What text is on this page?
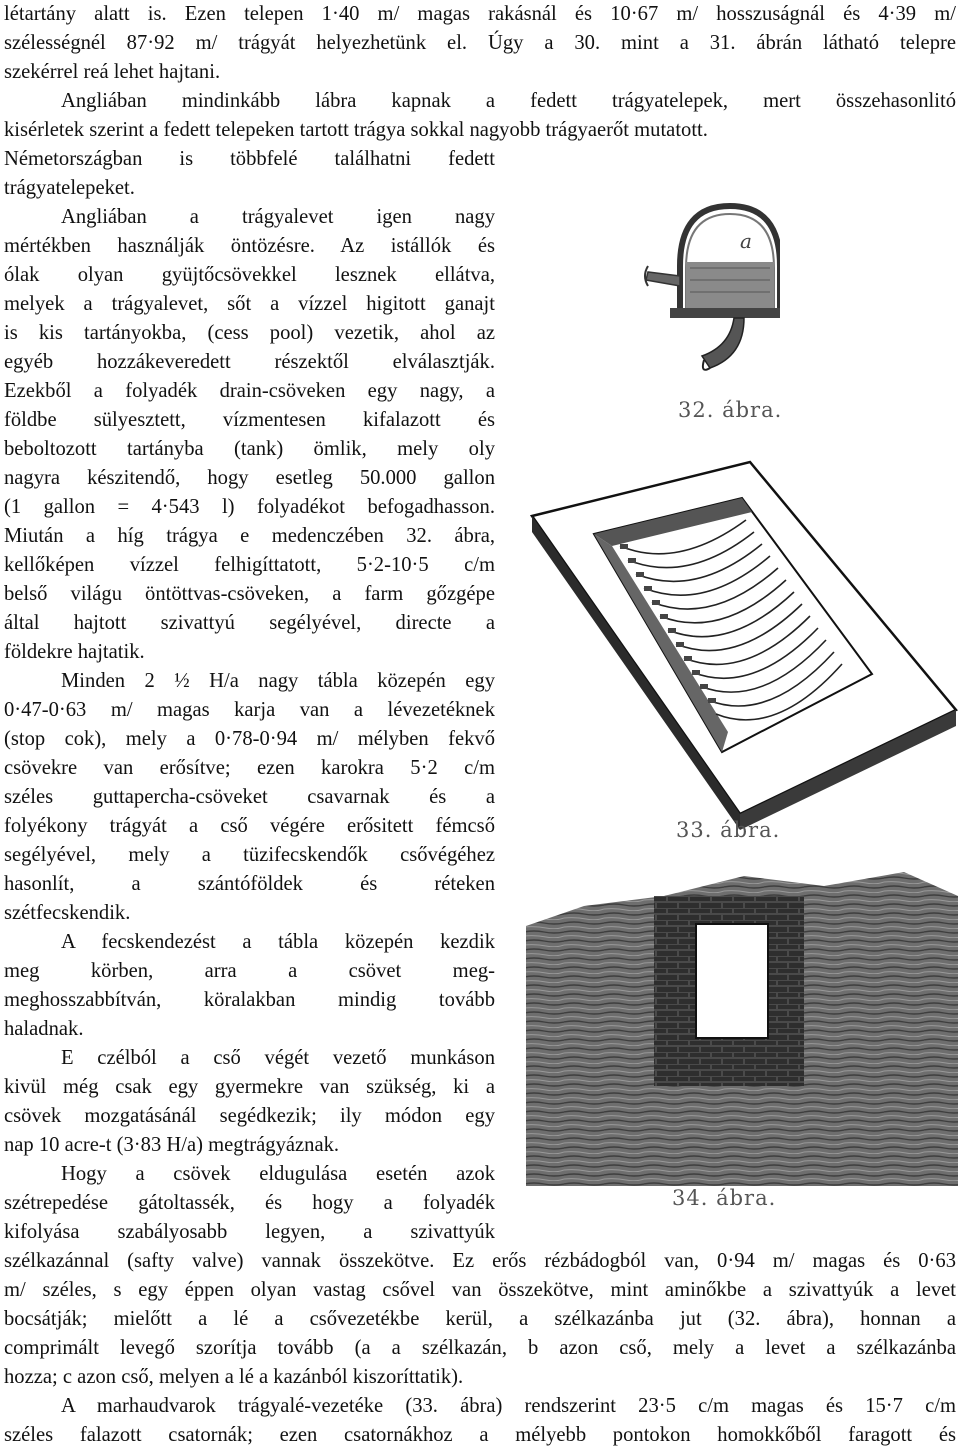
létartány alatt is. Ezen telepen 1·40 m/ magas rakásnál és 10·67 m/ hosszuságnál és 4·39 m/
szélességnél 87·92 m/ trágyát helyezhetünk el. Úgy a 30. mint a 31. ábrán látható telepre
szekérrel reá lehet hajtani.
Angliában mindinkább lábra kapnak a fedett trágyatelepek, mert összehasonlitó
kisérletek szerint a fedett telepeken tartott trágya sokkal nagyobb trágyaerőt mutatott.
Németországban is többfelé találhatni fedett
trágyatelepeket.
Angliában a trágyalevet igen nagy
mértékben használják öntözésre. Az istállók és
ólak olyan gyüjtőcsövekkel lesznek ellátva,
melyek a trágyalevet, sőt a vízzel higitott ganajt
is kis tartányokba, (cess pool) vezetik, ahol az
egyéb hozzákeveredett részektől elválasztják.
Ezekből a folyadék drain-csöveken egy nagy, a
földbe sülyesztett, vízmentesen kifalazott és
beboltozott tartányba (tank) ömlik, mely oly
nagyra készitendő, hogy esetleg 50.000 gallon
(1 gallon = 4·543 l) folyadékot befogadhasson.
Miután a híg trágya e medenczében 32. ábra,
kellőképen vízzel felhigíttatott, 5·2-10·5 c/m
belső világu öntöttvas-csöveken, a farm gőzgépe
által hajtott szivattyú segélyével, directe a
földekre hajtatik.
Minden 2 ½ H/a nagy tábla közepén egy
0·47-0·63 m/ magas karja van a lévezetéknek
(stop cok), mely a 0·78-0·94 m/ mélyben fekvő
csövekre van erősítve; ezen karokra 5·2 c/m
széles guttapercha-csöveket csavarnak és a
folyékony trágyát a cső végére erősitett fémcső
segélyével, mely a tüzifecskendők csővégéhez
hasonlít, a szántóföldek és réteken
szétfecskendik.
A fecskendezést a tábla közepén kezdik
meg körben, arra a csövet meg-
meghosszabbítván, köralakban mindig tovább
haladnak.
E czélból a cső végét vezető munkáson
kivül még csak egy gyermekre van szükség, ki a
csövek mozgatásánál segédkezik; ily módon egy
nap 10 acre-t (3·83 H/a) megtrágyáznak.
Hogy a csövek eldugulása esetén azok
szétrepedése gátoltassék, és hogy a folyadék
kifolyása szabályosabb legyen, a szivattyúk
szélkazánnal (safty valve) vannak összekötve. Ez erős rézbádogból van, 0·94 m/ magas és 0·63
m/ széles, s egy éppen olyan vastag csővel van összekötve, mint aminőkbe a szivattyúk a levet
bocsátják; mielőtt a lé a csővezetékbe kerül, a szélkazánba jut (32. ábra), honnan a
comprimált levegő szorítja tovább (a a szélkazán, b azon cső, mely a levet a szélkazánba
hozza; c azon cső, melyen a lé a kazánból kiszoríttatik).
A marhaudvarok trágyalé-vezetéke (33. ábra) rendszerint 23·5 c/m magas és 15·7 c/m
széles falazott csatornák; ezen csatornákhoz a mélyebb pontokon homokkőből faragott és
a
32. ábra.
33. ábra.
34. ábra.
